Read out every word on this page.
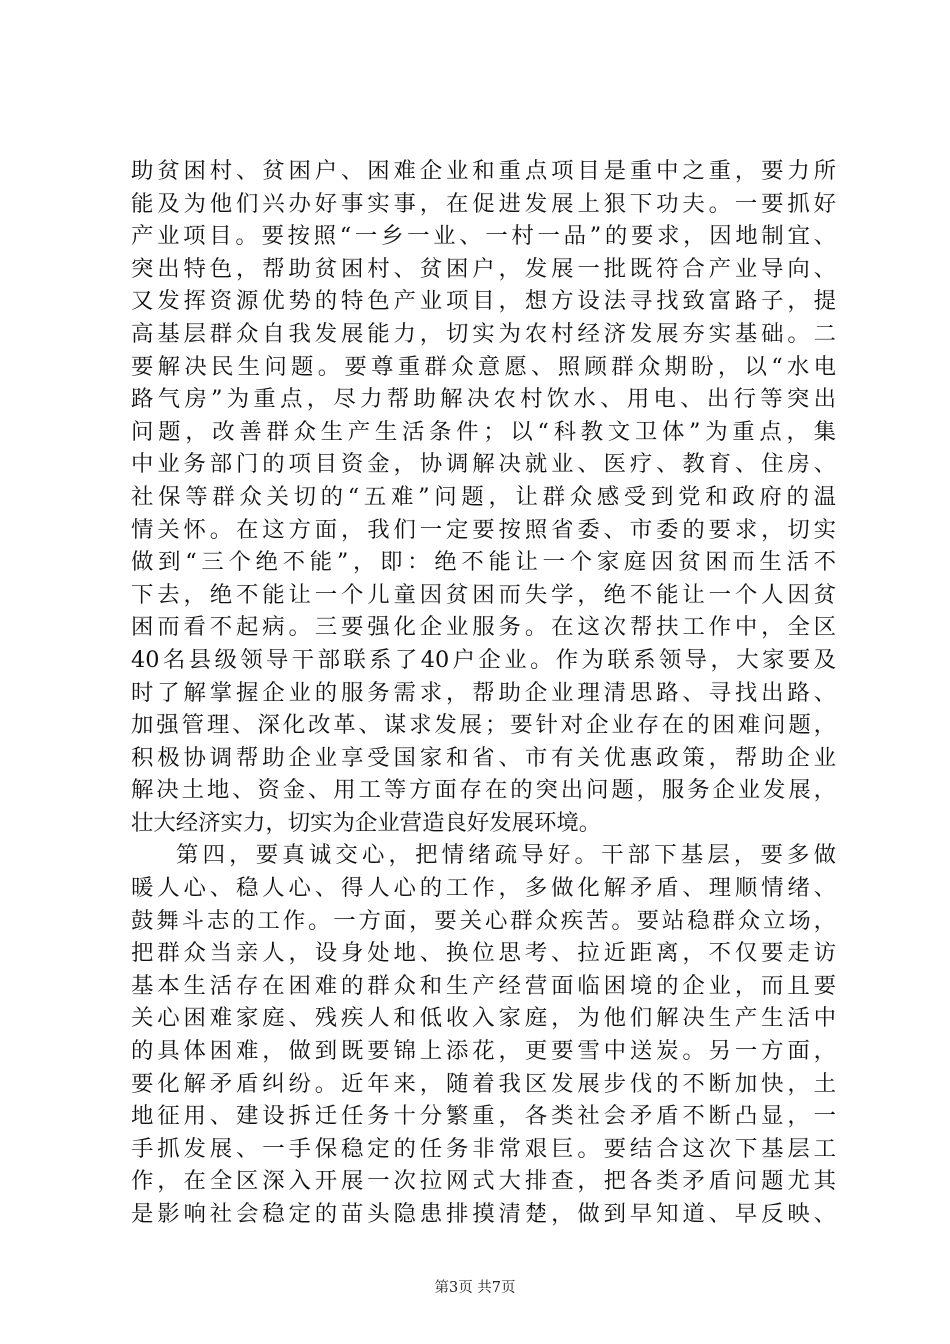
助贫困村、贫困户、困难企业和重点项目是重中之重，要力所
能及为他们兴办好事实事，在促进发展上狠下功夫。一要抓好
产业项目。要按照“一乡一业、一村一品”的要求，因地制宜、
突出特色，帮助贫困村、贫困户，发展一批既符合产业导向、
又发挥资源优势的特色产业项目，想方设法寻找致富路子，提
高基层群众自我发展能力，切实为农村经济发展夯实基础。二
要解决民生问题。要尊重群众意愿、照顾群众期盼，以“水电
路气房”为重点，尽力帮助解决农村饮水、用电、出行等突出
问题，改善群众生产生活条件；以“科教文卫体”为重点，集
中业务部门的项目资金，协调解决就业、医疗、教育、住房、
社保等群众关切的“五难”问题，让群众感受到党和政府的温
情关怀。在这方面，我们一定要按照省委、市委的要求，切实
做到“三个绝不能”，即：绝不能让一个家庭因贫困而生活不
下去，绝不能让一个儿童因贫困而失学，绝不能让一个人因贫
困而看不起病。三要强化企业服务。在这次帮扶工作中，全区
40名县级领导干部联系了40户企业。作为联系领导，大家要及
时了解掌握企业的服务需求，帮助企业理清思路、寻找出路、
加强管理、深化改革、谋求发展；要针对企业存在的困难问题，
积极协调帮助企业享受国家和省、市有关优惠政策，帮助企业
解决土地、资金、用工等方面存在的突出问题，服务企业发展，
壮大经济实力，切实为企业营造良好发展环境。
第四，要真诚交心，把情绪疏导好。干部下基层，要多做
暖人心、稳人心、得人心的工作，多做化解矛盾、理顺情绪、
鼓舞斗志的工作。一方面，要关心群众疾苦。要站稳群众立场，
把群众当亲人，设身处地、换位思考、拉近距离，不仅要走访
基本生活存在困难的群众和生产经营面临困境的企业，而且要
关心困难家庭、残疾人和低收入家庭，为他们解决生产生活中
的具体困难，做到既要锦上添花，更要雪中送炭。另一方面，
要化解矛盾纠纷。近年来，随着我区发展步伐的不断加快，土
地征用、建设拆迁任务十分繁重，各类社会矛盾不断凸显，一
手抓发展、一手保稳定的任务非常艰巨。要结合这次下基层工
作，在全区深入开展一次拉网式大排查，把各类矛盾问题尤其
是影响社会稳定的苗头隐患排摸清楚，做到早知道、早反映、
第3页 共7页
